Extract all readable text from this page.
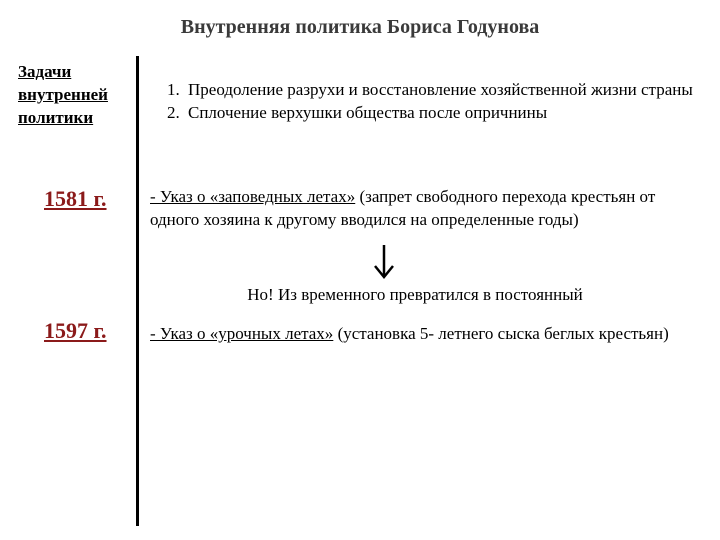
Внутренняя политика Бориса Годунова
Задачи внутренней политики
1581 г.
1597 г.
1. Преодоление разрухи и восстановление хозяйственной жизни страны
2. Сплочение верхушки общества после опричнины
- Указ о «заповедных летах» (запрет свободного перехода крестьян от одного хозяина к другому вводился на определенные годы)
Но! Из временного превратился в постоянный
- Указ о «урочных летах» (установка 5- летнего сыска беглых крестьян)
